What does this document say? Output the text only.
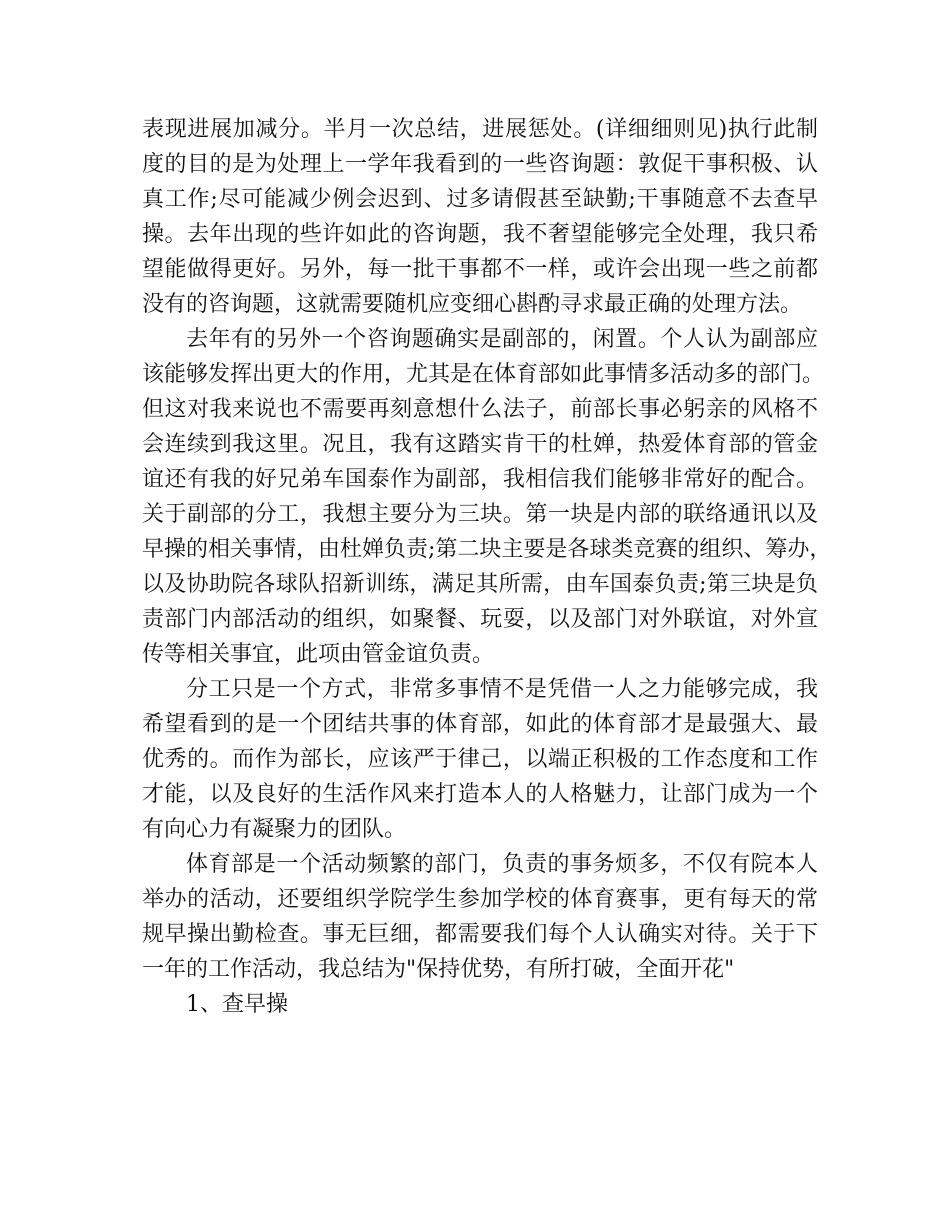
表现进展加减分。半月一次总结，进展惩处。(详细细则见)执行此制
度的目的是为处理上一学年我看到的一些咨询题：敦促干事积极、认
真工作;尽可能减少例会迟到、过多请假甚至缺勤;干事随意不去查早
操。去年出现的些许如此的咨询题，我不奢望能够完全处理，我只希
望能做得更好。另外，每一批干事都不一样，或许会出现一些之前都
没有的咨询题，这就需要随机应变细心斟酌寻求最正确的处理方法。
去年有的另外一个咨询题确实是副部的，闲置。个人认为副部应
该能够发挥出更大的作用，尤其是在体育部如此事情多活动多的部门。
但这对我来说也不需要再刻意想什么法子，前部长事必躬亲的风格不
会连续到我这里。况且，我有这踏实肯干的杜婵，热爱体育部的管金
谊还有我的好兄弟车国泰作为副部，我相信我们能够非常好的配合。
关于副部的分工，我想主要分为三块。第一块是内部的联络通讯以及
早操的相关事情，由杜婵负责;第二块主要是各球类竞赛的组织、筹办，
以及协助院各球队招新训练，满足其所需，由车国泰负责;第三块是负
责部门内部活动的组织，如聚餐、玩耍，以及部门对外联谊，对外宣
传等相关事宜，此项由管金谊负责。
分工只是一个方式，非常多事情不是凭借一人之力能够完成，我
希望看到的是一个团结共事的体育部，如此的体育部才是最强大、最
优秀的。而作为部长，应该严于律己，以端正积极的工作态度和工作
才能，以及良好的生活作风来打造本人的人格魅力，让部门成为一个
有向心力有凝聚力的团队。
体育部是一个活动频繁的部门，负责的事务烦多，不仅有院本人
举办的活动，还要组织学院学生参加学校的体育赛事，更有每天的常
规早操出勤检查。事无巨细，都需要我们每个人认确实对待。关于下
一年的工作活动，我总结为"保持优势，有所打破，全面开花"
1、查早操
